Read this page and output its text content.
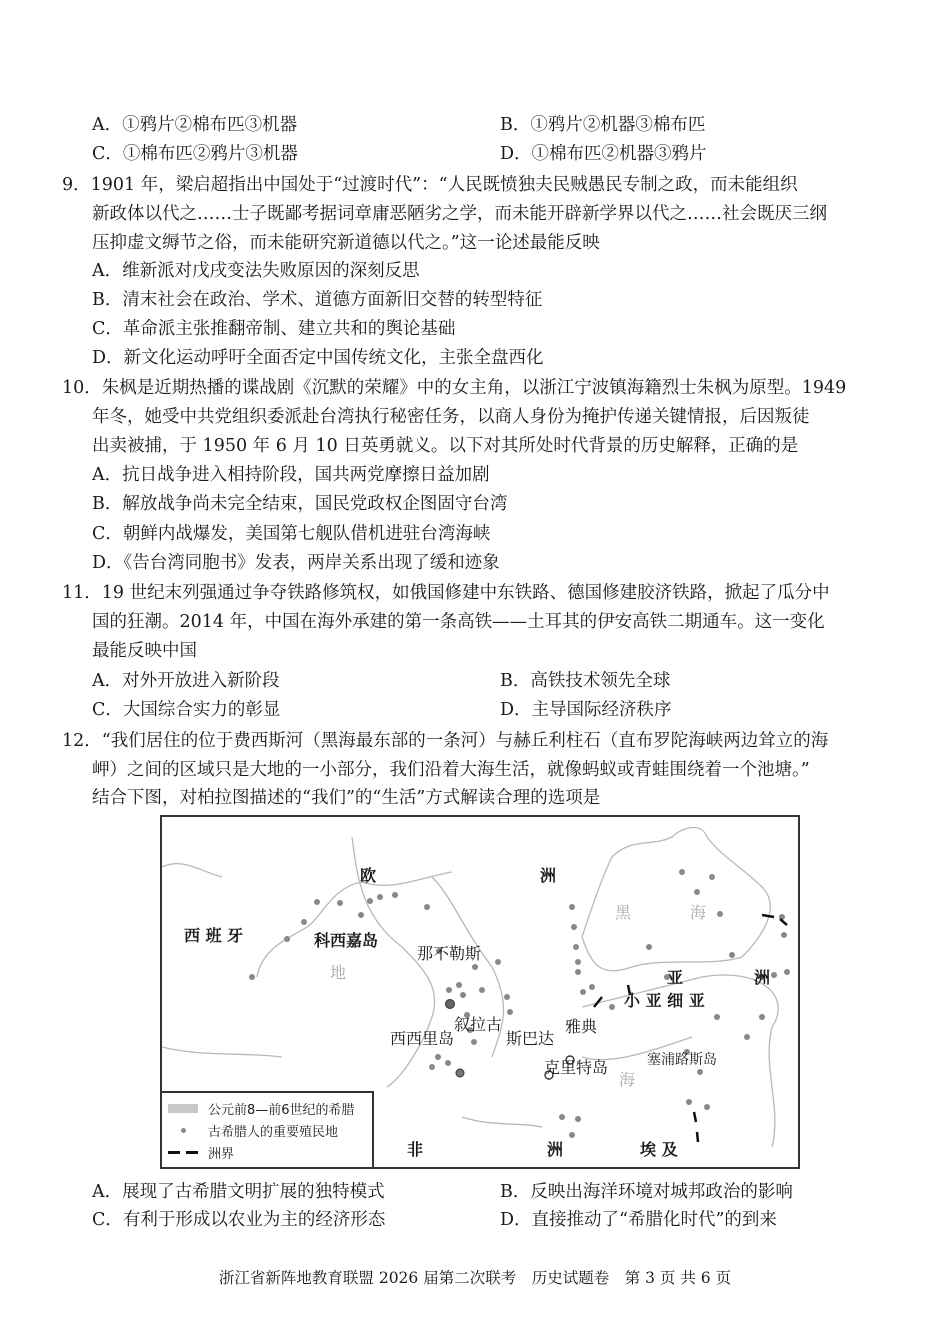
A．①鸦片②棉布匹③机器	B．①鸦片②机器③棉布匹
C．①棉布匹②鸦片③机器	D．①棉布匹②机器③鸦片
9．1901 年，梁启超指出中国处于“过渡时代”：“人民既愤独夫民贼愚民专制之政，而未能组织
新政体以代之……士子既鄙考据词章庸恶陋劣之学，而未能开辟新学界以代之……社会既厌三纲
压抑虚文缛节之俗，而未能研究新道德以代之。”这一论述最能反映
A．维新派对戊戌变法失败原因的深刻反思
B．清末社会在政治、学术、道德方面新旧交替的转型特征
C．革命派主张推翻帝制、建立共和的舆论基础
D．新文化运动呼吁全面否定中国传统文化，主张全盘西化
10．朱枫是近期热播的谍战剧《沉默的荣耀》中的女主角，以浙江宁波镇海籍烈士朱枫为原型。1949
年冬，她受中共党组织委派赴台湾执行秘密任务，以商人身份为掩护传递关键情报，后因叛徒
出卖被捕，于 1950 年 6 月 10 日英勇就义。以下对其所处时代背景的历史解释，正确的是
A．抗日战争进入相持阶段，国共两党摩擦日益加剧
B．解放战争尚未完全结束，国民党政权企图固守台湾
C．朝鲜内战爆发，美国第七舰队借机进驻台湾海峡
D．《告台湾同胞书》发表，两岸关系出现了缓和迹象
11．19 世纪末列强通过争夺铁路修筑权，如俄国修建中东铁路、德国修建胶济铁路，掀起了瓜分中
国的狂潮。2014 年，中国在海外承建的第一条高铁——土耳其的伊安高铁二期通车。这一变化
最能反映中国
A．对外开放进入新阶段	B．高铁技术领先全球
C．大国综合实力的彰显	D．主导国际经济秩序
12．“我们居住的位于费西斯河（黑海最东部的一条河）与赫丘利柱石（直布罗陀海峡两边耸立的海
岬）之间的区域只是大地的一小部分，我们沿着大海生活，就像蚂蚁或青蛙围绕着一个池塘。”
结合下图，对柏拉图描述的“我们”的“生活”方式解读合理的选项是
欧	洲
西 班 牙	科西嘉岛
那不勒斯
地
黑	海
亚	洲
小 亚 细 亚
叙拉古	雅典
西西里岛	斯巴达
克里特岛	塞浦路斯岛
海
非	洲	埃 及
公元前8—前6世纪的希腊
古希腊人的重要殖民地
洲界
A．展现了古希腊文明扩展的独特模式	B．反映出海洋环境对城邦政治的影响
C．有利于形成以农业为主的经济形态	D．直接推动了“希腊化时代”的到来
浙江省新阵地教育联盟 2026 届第二次联考　历史试题卷　第 3 页 共 6 页
